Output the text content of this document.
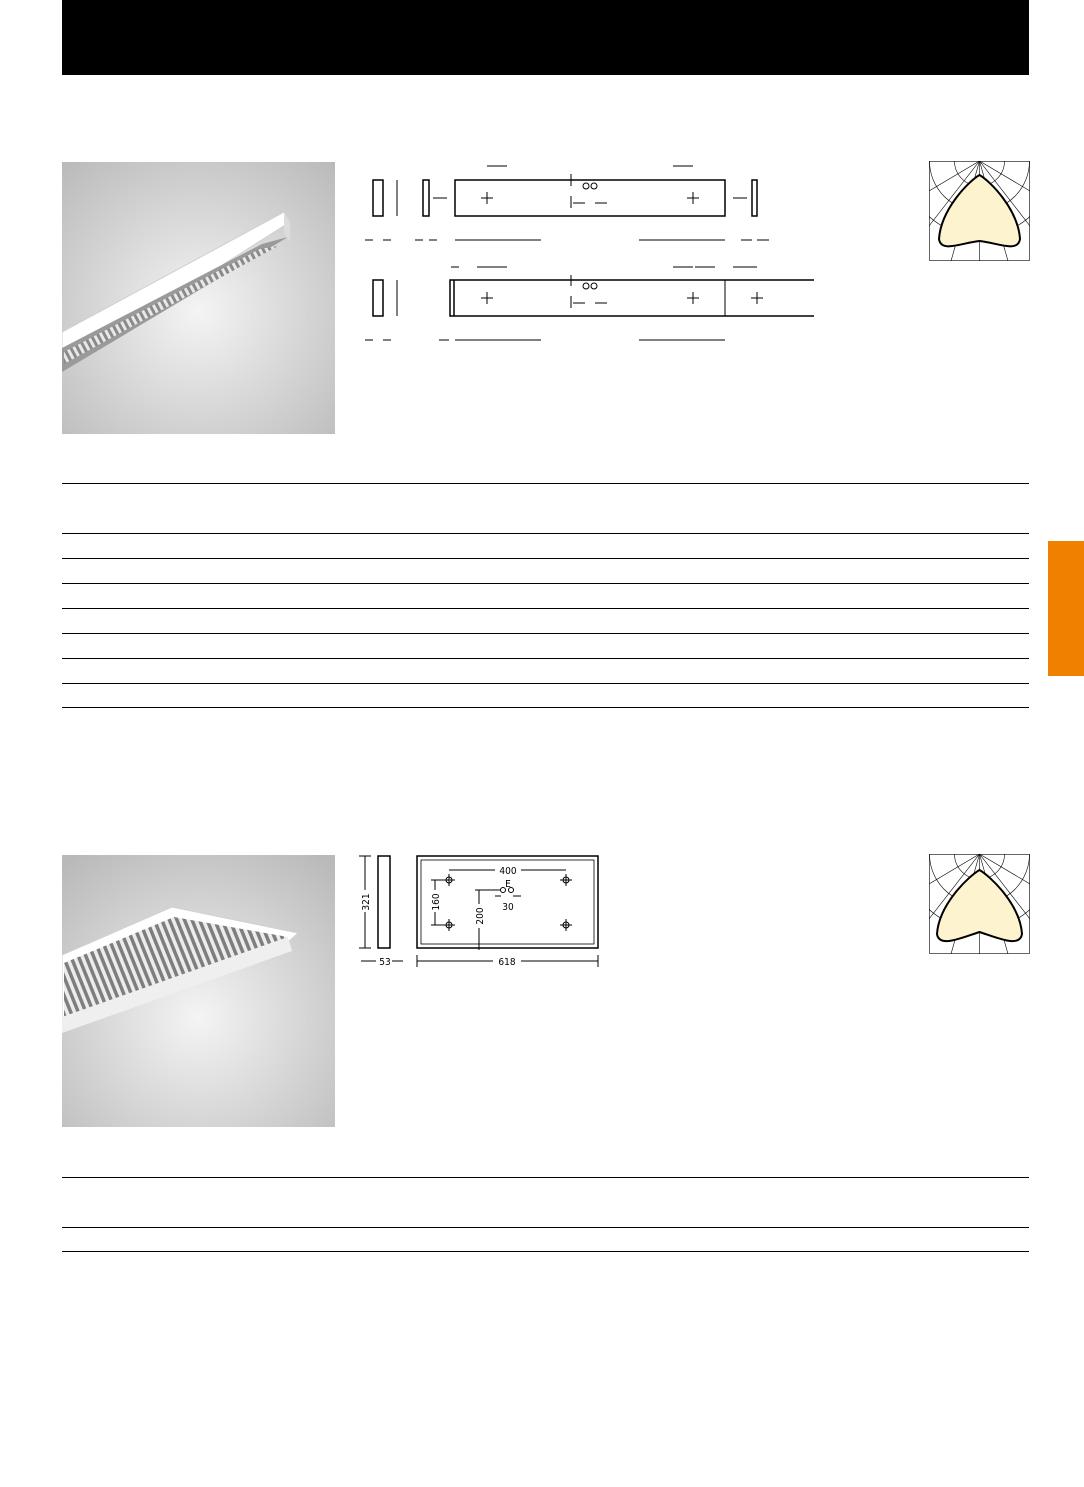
400
E
30
321	160
200
53	618
